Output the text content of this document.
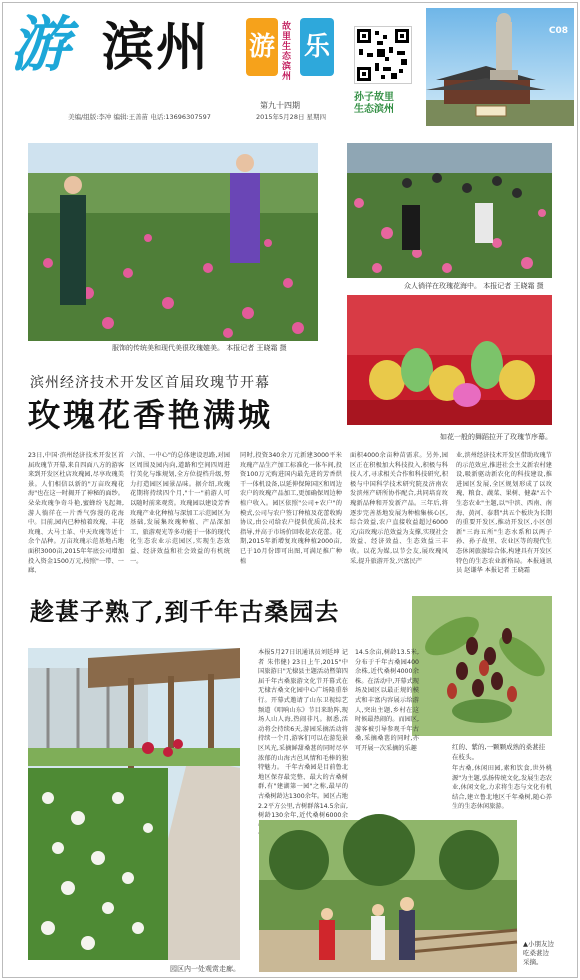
游 滨州 游
故里生态滨州
乐
第九十四期
美编/组版:李冲 编辑:王善苗 电话:13696307597	2015年5月28日 星期四
孙子故里
生态滨州
C08
服饰的传统美和现代美很玫瑰媲美。 本报记者 王晓霜 摄
众人徜徉在玫瑰花海中。 本报记者 王晓霜 摄
如花一般的舞蹈拉开了玫瑰节序幕。
滨州经济技术开发区首届玫瑰节开幕
玫瑰花香艳满城
23日,中国·滨州经济技术开发区首届玫瑰节开幕,来自四面八方的游客来到开发区杜店玫瑰园,尽享玫瑰美景。人们相信以新的"万亩玫瑰花海"也在这一时揭开了神秘的面纱。朵朵玫瑰争奇斗艳,蜜蜂纷飞起舞,游人徜徉在一片香气弥漫的花海中。目前,园内已种植着玫瑰、丰花玫瑰、大马士革、中天玫瑰等近十余个品种。万亩玫瑰示范基地占地面积3000亩,2015年年底公司增加投入资金1500万元,按照"一带、一廊、
六馆、一中心"的总体建设思路,对园区周围及园内向,道路和空间四周进行美化与维规划,全方位提档升级,努力打造园区园景品味。据介绍,玫瑰花期将持续四个月,"十一"前游人可以随时前来观赏。玫瑰园以建设芳香玫瑰产业化种植与深加工示范园区为基础,发展集玫瑰种植、产品深加工、旅游观光等多功能于一体的现代化生态农业示范园区,实现生态效益、经济效益和社会效益的有机统一。
同时,投资340余万元新建3000平米玫瑰产品生产加工标准化一体车间,投资100万元购进国内最先进的芳香烘干一体机设备,以延伸保障国区和周边农户的玫瑰产品加工,更加确保周边种植户收入。园区依照"公司+农户"的模式,公司与农户签订种植及花蕾收购协议,由公司给农户提供优质苗,技术指导,并高于市场价回收花农花蕾。花期,2015年新增复玫瑰种植2000亩,已于10月份即可出图,可满足推广种植
面积4000余亩种苗需求。另外,园区正在积极加大科技投入,积极与科技人才,寻求相关合作和科技研究,积极与中国科学技术研究院及济南农发滨州产研所协作配合,共同培育玫瑰新品种和开发新产品。三年后,将逐步完善基地发展为种植集核心区,综合效益,农户直接收益超过6000元/亩玫瑰示范效益为支撑,实现社会效益、经济效益、生态效益三丰收。以花为媒,以节会友,展玫瑰风采,提升旅游开发,兴富民产
业,滨州经济技术开发区借助玫瑰节的示范效应,推进社会主义新农村建设,吸新驱动新农化的科技建设,推进园区发展,全区规划形成了以玫瑰、粮食、蔬菜、果树、健森"五个生态农业"主题,以"中滨、西南、南海、黄河、泰翡"共五个板块为长期的重要开发区,推动开发区,小区创新"三海五所"生态水系和以两子孙、孙子故里、农业区等的现代生态休闲旅游综合体,构建具有开发区特色的生态农业新格局。本报通讯员 赵谦华 本报记者 王晓霜
趁葚子熟了,到千年古桑园去
园区内一处观赏走廊。
本报5月27日讯通讯员刘廷坤 记者 朱伟健) 23日上午,2015"中国旅游日"无棣县主题活动暨第四届千年古桑旅游文化节开幕式在无棣古桑文化园中心广场隆重举行。开幕式邀请了山东卫视综艺频道《唱响山东》节目来助阵,现场人山人海,热闹非凡。据悉,活动将会持续6天,游园采摘活动将持续一个月,游客们可以在游览景区风光,采摘鲜甜桑葚的同时尽享浓郁的山海古邑风情和毛棒的独特魅力。 千年古桑园是目前鲁北地区保存最完整、最大的古桑树群,有"建湖第一园"之称,最早的古桑树龄达1300余年。园区占地2.2平方公里,古树群落14.5余亩,树龄130余年,近代桑树6000余
14.5余亩,树龄13.5米,分布于千年古桑园400余株,近代桑树4000余株。在活动中,开幕式现场及园区以最正规的模式和丰富内容展示给游人,突出主题,乡村在这时候最热闹的。而园区,游客被引导参观千年古桑,采摘桑葚的同时,亦可开展一次采摘的乐趣	红的、紫的,一颗颗成熟的桑葚挂在枝头。
年古桑,休闲田园,素和饮食,世外桃源"为主题,弘扬传统文化,发展生态农业,休闲文化,力求将生态与文化有机结合,建立鲁北地区千年桑树,随心养生的生态休闲旅游。
▲小朋友边吃桑葚边采摘。
